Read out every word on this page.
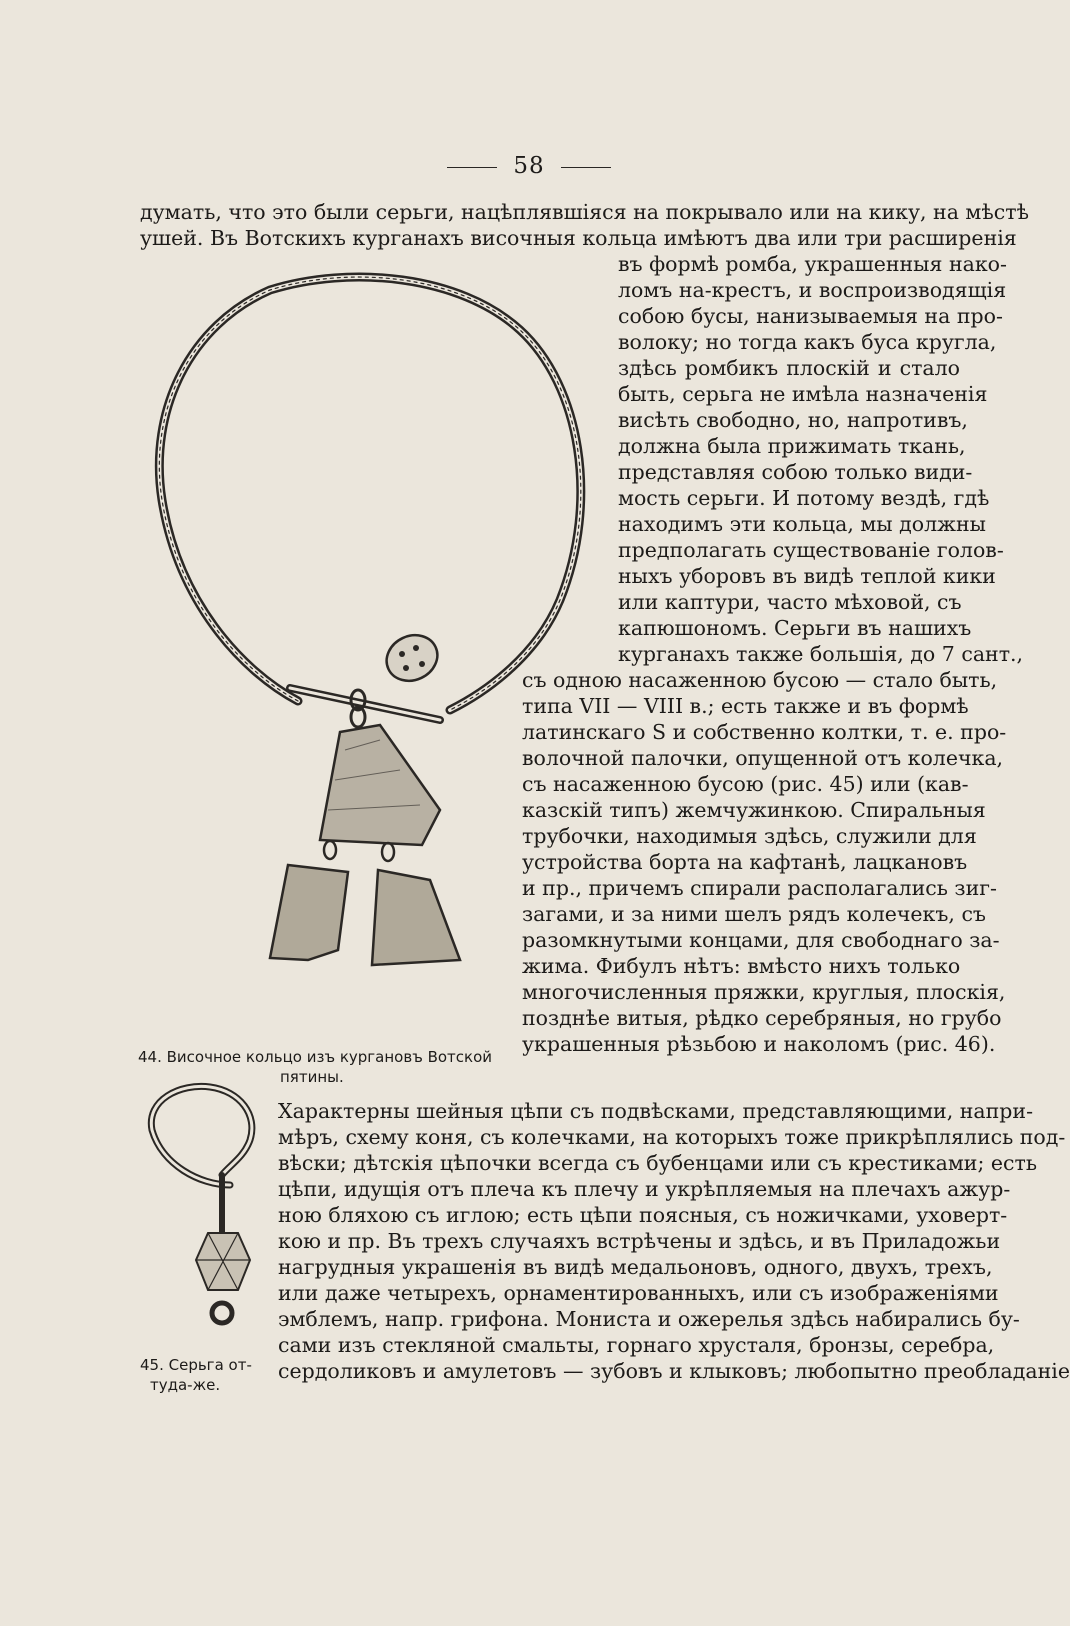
58
думать, что это были серьги, нацѣплявшіяся на покрывало или на кику, на мѣстѣ
ушей. Въ Вотскихъ курганахъ височныя кольца имѣютъ два или три расширенія
въ формѣ ромба, украшенныя нако-
ломъ на-крестъ, и воспроизводящія
собою бусы, нанизываемыя на про-
волоку; но тогда какъ буса кругла,
здѣсь ромбикъ плоскій и стало
быть, серьга не имѣла назначенія
висѣть свободно, но, напротивъ,
должна была прижимать ткань,
представляя собою только види-
мость серьги. И потому вездѣ, гдѣ
находимъ эти кольца, мы должны
предполагать существованіе голов-
ныхъ уборовъ въ видѣ теплой кики
или каптури, часто мѣховой, съ
капюшономъ. Серьги въ нашихъ
курганахъ также большія, до 7 сант.,
съ одною насаженною бусою — стало быть,
типа VII — VIII в.; есть также и въ формѣ
латинскаго S и собственно колтки, т. е. про-
волочной палочки, опущенной отъ колечка,
съ насаженною бусою (рис. 45) или (кав-
казскій типъ) жемчужинкою. Спиральныя
трубочки, находимыя здѣсь, служили для
устройства борта на кафтанѣ, лацкановъ
и пр., причемъ спирали располагались зиг-
загами, и за ними шелъ рядъ колечекъ, съ
разомкнутыми концами, для свободнаго за-
жима. Фибулъ нѣтъ: вмѣсто нихъ только
многочисленныя пряжки, круглыя, плоскія,
позднѣе витыя, рѣдко серебряныя, но грубо
украшенныя рѣзьбою и накoломъ (рис. 46).
Характерны шейныя цѣпи съ подвѣсками, представляющими, напри-
мѣръ, схему коня, съ колечками, на которыхъ тоже прикрѣплялись под-
вѣски; дѣтскія цѣпочки всегда съ бубенцами или съ крестиками; есть
цѣпи, идущія отъ плеча къ плечу и укрѣпляемыя на плечахъ ажур-
ною бляхою съ иглою; есть цѣпи поясныя, съ ножичками, уховерт-
кою и пр. Въ трехъ случаяхъ встрѣчены и здѣсь, и въ Приладожьи
нагрудныя украшенія въ видѣ медальоновъ, одного, двухъ, трехъ,
или даже четырехъ, орнаментированныхъ, или съ изображеніями
эмблемъ, напр. грифона. Мониста и ожерелья здѣсь набирались бу-
сами изъ стекляной смальты, горнаго хрусталя, бронзы, серебра,
сердоликовъ и амулетовъ — зубовъ и клыковъ; любопытно преобладаніе
44. Височное кольцо изъ кургановъ Вотской
пятины.
45. Серьга от-
туда-же.
